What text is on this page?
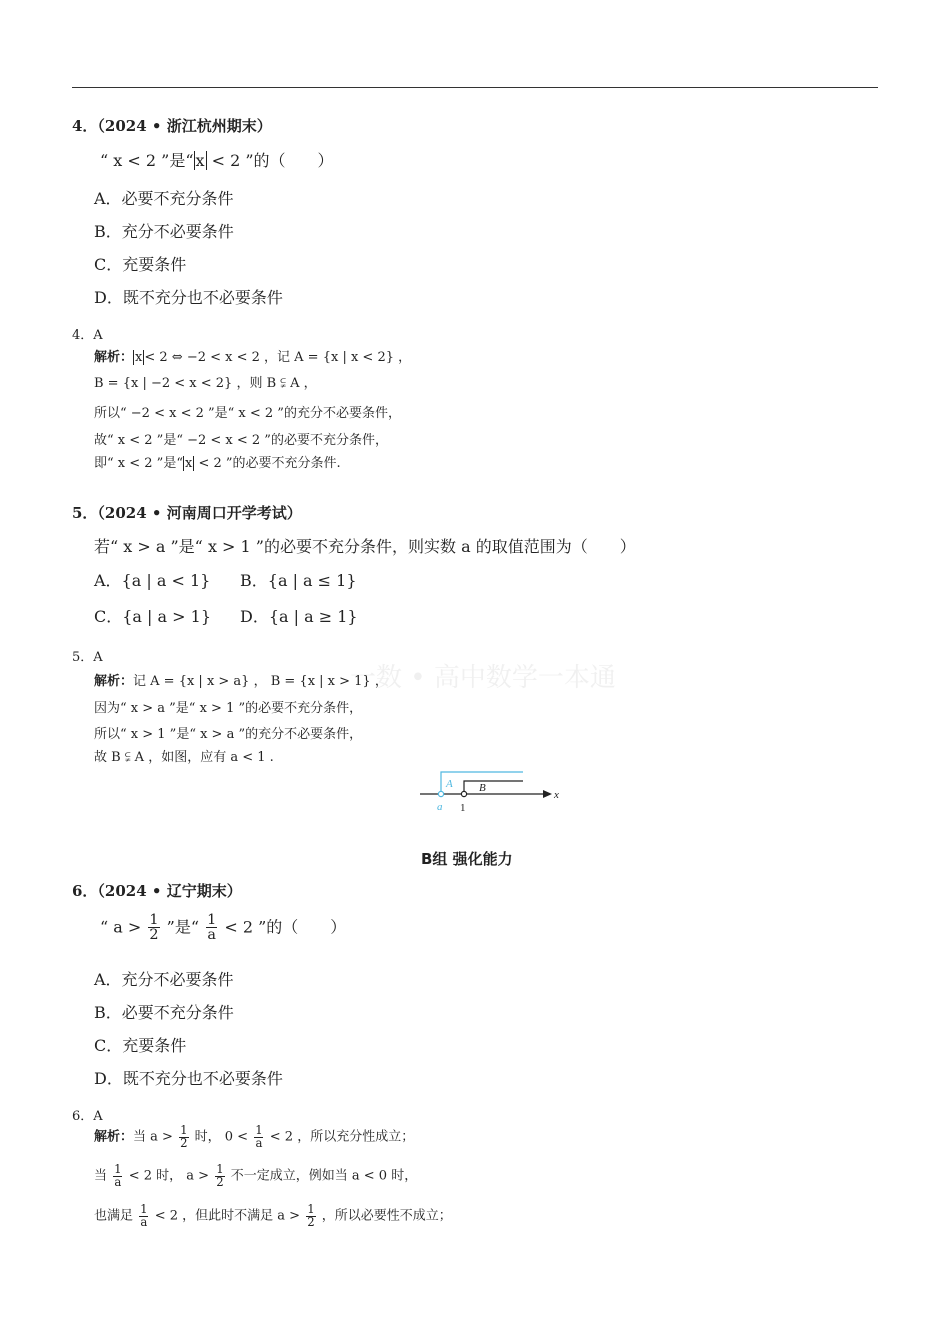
4．（2024 • 浙江杭州期末）
“ x < 2 ”是“ x < 2 ”的（　　）
A．必要不充分条件
B．充分不必要条件
C．充要条件
D．既不充分也不必要条件
4．A
解析： x < 2 ⇔ −2 < x < 2 ，记 A = {x | x < 2} ，
B = {x | −2 < x < 2} ，则 B ⫋ A ，
所以“ −2 < x < 2 ”是“ x < 2 ”的充分不必要条件，
故“ x < 2 ”是“ −2 < x < 2 ”的必要不充分条件，
即“ x < 2 ”是“ x < 2 ”的必要不充分条件.
5．（2024 • 河南周口开学考试）
若“ x > a ”是“ x > 1 ”的必要不充分条件，则实数 a 的取值范围为（　　）
A．{a | a < 1} B．{a | a ≤ 1}
C．{a | a > 1} D．{a | a ≥ 1}
5．A
一数 • 高中数学一本通
解析：记 A = {x | x > a} ， B = {x | x > 1} ，
因为“ x > a ”是“ x > 1 ”的必要不充分条件，
所以“ x > 1 ”是“ x > a ”的充分不必要条件，
故 B ⫋ A ，如图，应有 a < 1 .
A B
a 1
x
B组 强化能力
6．（2024 • 辽宁期末）
“ $a > \frac{1}{2}$ ”是“ $\frac{1}{a} < 2$ ”的（　　）
A．充分不必要条件
B．必要不充分条件
C．充要条件
D．既不充分也不必要条件
6．A
解析：当 $a > \frac{1}{2}$ 时， $0 < \frac{1}{a} < 2$ ，所以充分性成立；
当 $\frac{1}{a} < 2$ 时， $a > \frac{1}{2}$ 不一定成立，例如当 a < 0 时，
也满足 $\frac{1}{a} < 2$ ，但此时不满足 $a > \frac{1}{2}$ ，所以必要性不成立；
